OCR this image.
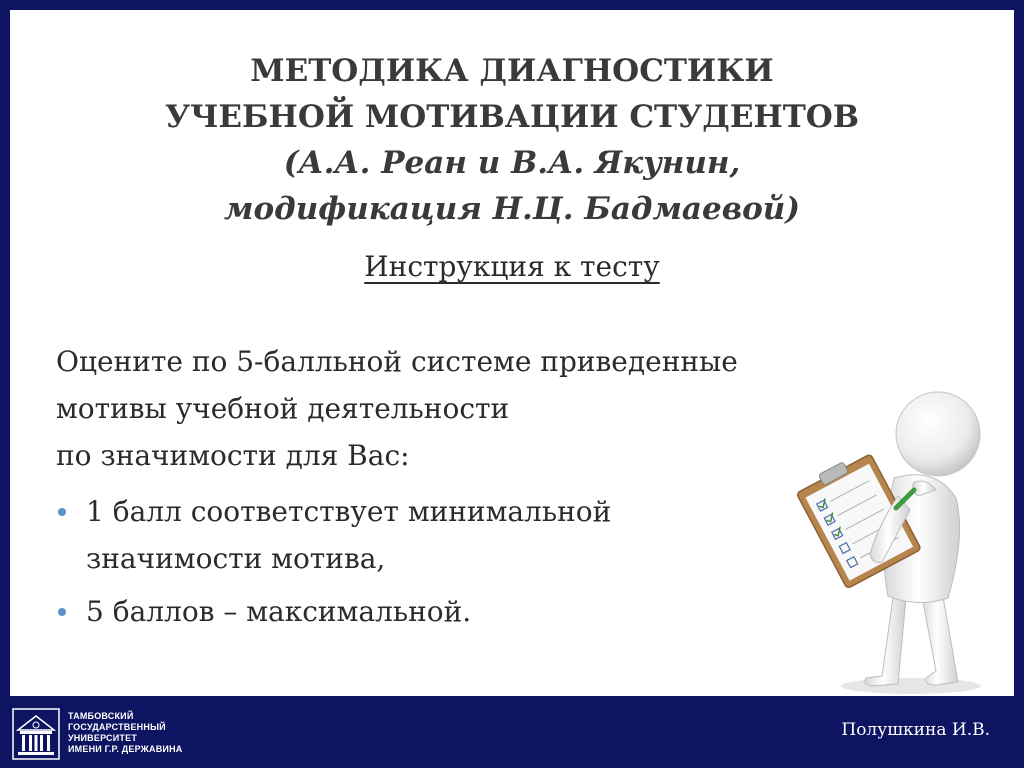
МЕТОДИКА ДИАГНОСТИКИ
УЧЕБНОЙ МОТИВАЦИИ СТУДЕНТОВ
(А.А. Реан и В.А. Якунин,
модификация Н.Ц. Бадмаевой)
Инструкция к тесту
Оцените по 5-балльной системе приведенные
мотивы учебной деятельности
по значимости для Вас:
1 балл соответствует минимальной
значимости мотива,
5 баллов – максимальной.
ТАМБОВСКИЙ
ГОСУДАРСТВЕННЫЙ
УНИВЕРСИТЕТ
ИМЕНИ Г.Р. ДЕРЖАВИНА
Полушкина И.В.
